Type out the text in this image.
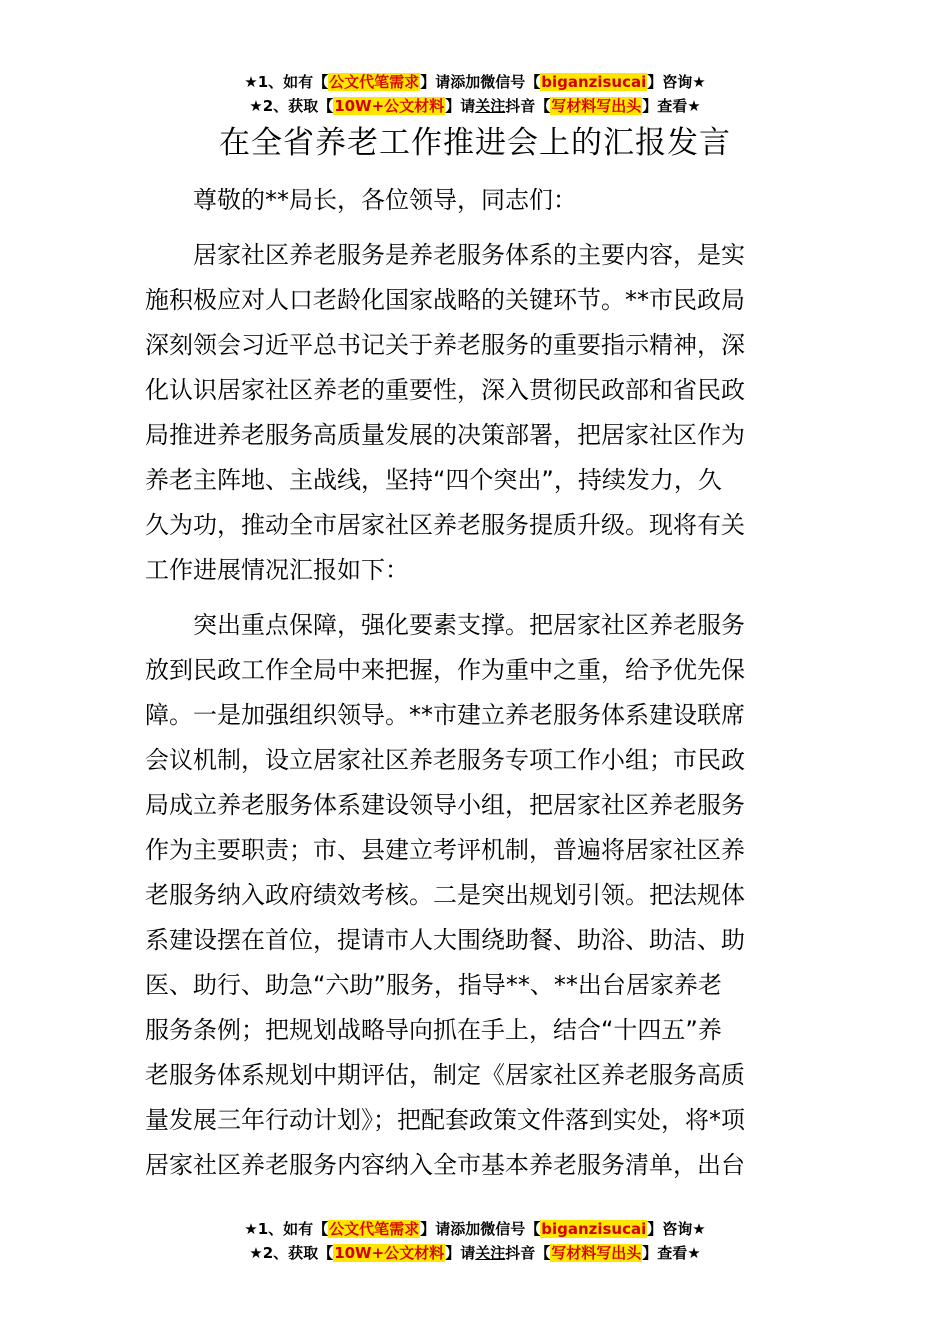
★1、如有【公文代笔需求】请添加微信号【biganzisucai】咨询★
★2、获取【10W+公文材料】请关注抖音【写材料写出头】查看★
在全省养老工作推进会上的汇报发言

尊敬的**局长，各位领导，同志们：

居家社区养老服务是养老服务体系的主要内容，是实
施积极应对人口老龄化国家战略的关键环节。**市民政局
深刻领会习近平总书记关于养老服务的重要指示精神，深
化认识居家社区养老的重要性，深入贯彻民政部和省民政
局推进养老服务高质量发展的决策部署，把居家社区作为
养老主阵地、主战线，坚持“四个突出”，持续发力，久
久为功，推动全市居家社区养老服务提质升级。现将有关
工作进展情况汇报如下：

突出重点保障，强化要素支撑。把居家社区养老服务
放到民政工作全局中来把握，作为重中之重，给予优先保
障。一是加强组织领导。**市建立养老服务体系建设联席
会议机制，设立居家社区养老服务专项工作小组；市民政
局成立养老服务体系建设领导小组，把居家社区养老服务
作为主要职责；市、县建立考评机制，普遍将居家社区养
老服务纳入政府绩效考核。二是突出规划引领。把法规体
系建设摆在首位，提请市人大围绕助餐、助浴、助洁、助
医、助行、助急“六助”服务，指导**、**出台居家养老
服务条例；把规划战略导向抓在手上，结合“十四五”养
老服务体系规划中期评估，制定《居家社区养老服务高质
量发展三年行动计划》；把配套政策文件落到实处，将*项
居家社区养老服务内容纳入全市基本养老服务清单，出台

★1、如有【公文代笔需求】请添加微信号【biganzisucai】咨询★
★2、获取【10W+公文材料】请关注抖音【写材料写出头】查看★
